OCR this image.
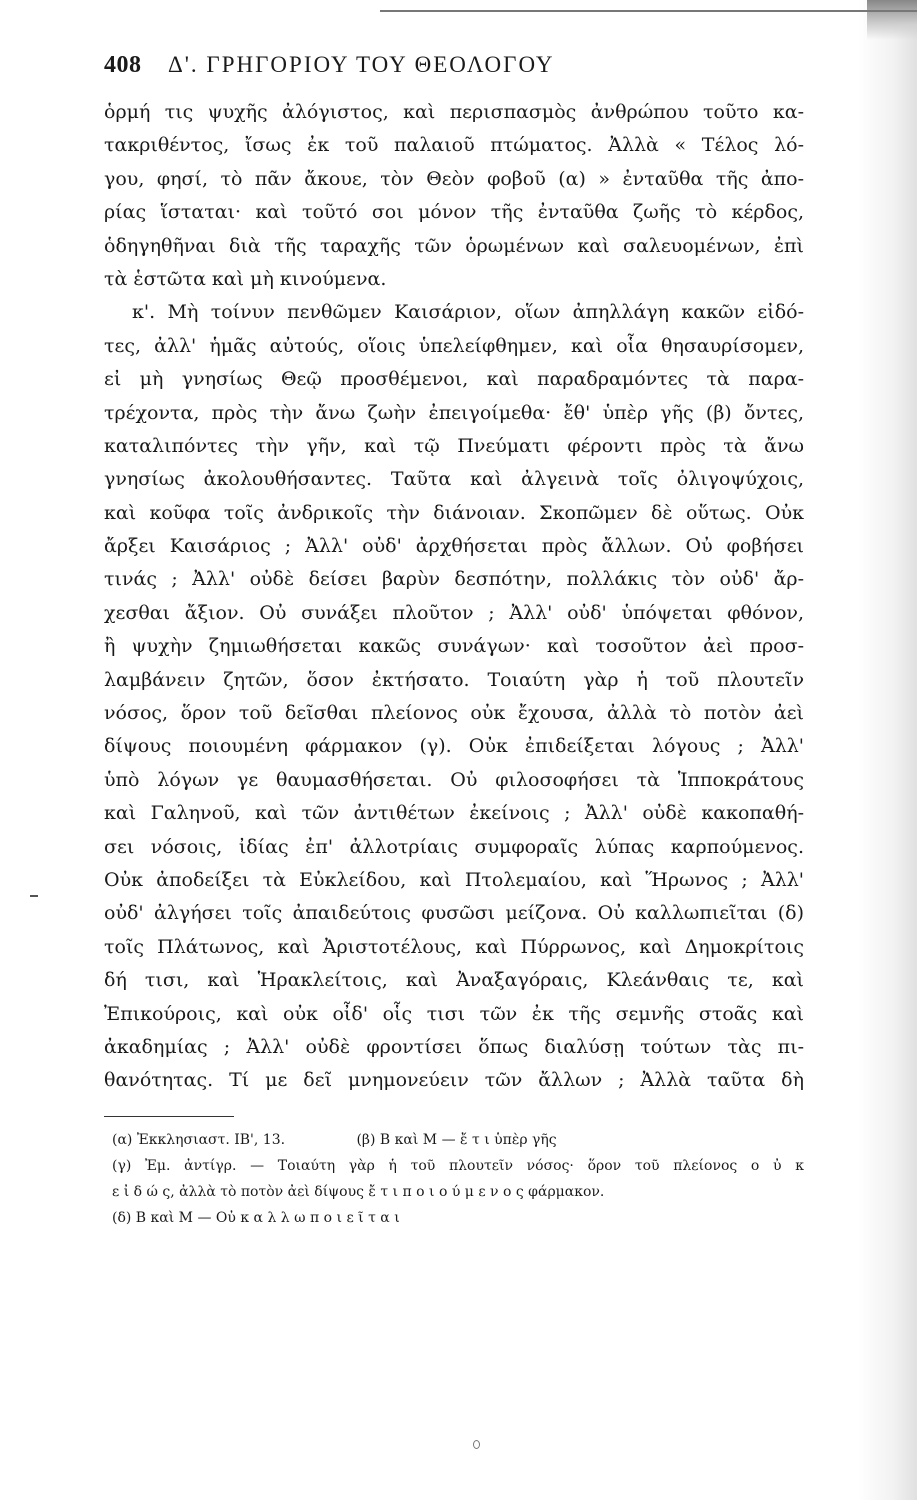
408	Δ'. ΓΡΗΓΟΡΙΟΥ ΤΟΥ ΘΕΟΛΟΓΟΥ
ὁρμή τις ψυχῆς ἀλόγιστος, καὶ περισπασμὸς ἀνθρώπου τοῦτο κα-
τακριθέντος, ἴσως ἐκ τοῦ παλαιοῦ πτώματος. Ἀλλὰ « Τέλος λό-
γου, φησί, τὸ πᾶν ἄκουε, τὸν Θεὸν φοβοῦ (α) » ἐνταῦθα τῆς ἀπο-
ρίας ἵσταται· καὶ τοῦτό σοι μόνον τῆς ἐνταῦθα ζωῆς τὸ κέρδος,
ὁδηγηθῆναι διὰ τῆς ταραχῆς τῶν ὁρωμένων καὶ σαλευομένων, ἐπὶ
τὰ ἑστῶτα καὶ μὴ κινούμενα.
κ'. Μὴ τοίνυν πενθῶμεν Καισάριον, οἵων ἀπηλλάγη κακῶν εἰδό-
τες, ἀλλ' ἡμᾶς αὐτούς, οἵοις ὑπελείφθημεν, καὶ οἷα θησαυρίσομεν,
εἰ μὴ γνησίως Θεῷ προσθέμενοι, καὶ παραδραμόντες τὰ παρα-
τρέχοντα, πρὸς τὴν ἄνω ζωὴν ἐπειγοίμεθα· ἔθ' ὑπὲρ γῆς (β) ὄντες,
καταλιπόντες τὴν γῆν, καὶ τῷ Πνεύματι φέροντι πρὸς τὰ ἄνω
γνησίως ἀκολουθήσαντες. Ταῦτα καὶ ἀλγεινὰ τοῖς ὀλιγοψύχοις,
καὶ κοῦφα τοῖς ἀνδρικοῖς τὴν διάνοιαν. Σκοπῶμεν δὲ οὕτως. Οὐκ
ἄρξει Καισάριος ; Ἀλλ' οὐδ' ἀρχθήσεται πρὸς ἄλλων. Οὐ φοβήσει
τινάς ; Ἀλλ' οὐδὲ δείσει βαρὺν δεσπότην, πολλάκις τὸν οὐδ' ἄρ-
χεσθαι ἄξιον. Οὐ συνάξει πλοῦτον ; Ἀλλ' οὐδ' ὑπόψεται φθόνον,
ἢ ψυχὴν ζημιωθήσεται κακῶς συνάγων· καὶ τοσοῦτον ἀεὶ προσ-
λαμβάνειν ζητῶν, ὅσον ἐκτήσατο. Τοιαύτη γὰρ ἡ τοῦ πλουτεῖν
νόσος, ὅρον τοῦ δεῖσθαι πλείονος οὐκ ἔχουσα, ἀλλὰ τὸ ποτὸν ἀεὶ
δίψους ποιουμένη φάρμακον (γ). Οὐκ ἐπιδείξεται λόγους ; Ἀλλ'
ὑπὸ λόγων γε θαυμασθήσεται. Οὐ φιλοσοφήσει τὰ Ἱπποκράτους
καὶ Γαληνοῦ, καὶ τῶν ἀντιθέτων ἐκείνοις ; Ἀλλ' οὐδὲ κακοπαθή-
σει νόσοις, ἰδίας ἐπ' ἀλλοτρίαις συμφοραῖς λύπας καρπούμενος.
Οὐκ ἀποδείξει τὰ Εὐκλείδου, καὶ Πτολεμαίου, καὶ Ἥρωνος ; Ἀλλ'
οὐδ' ἀλγήσει τοῖς ἀπαιδεύτοις φυσῶσι μείζονα. Οὐ καλλωπιεῖται (δ)
τοῖς Πλάτωνος, καὶ Ἀριστοτέλους, καὶ Πύρρωνος, καὶ Δημοκρίτοις
δή τισι, καὶ Ἡρακλείτοις, καὶ Ἀναξαγόραις, Κλεάνθαις τε, καὶ
Ἐπικούροις, καὶ οὐκ οἶδ' οἷς τισι τῶν ἐκ τῆς σεμνῆς στοᾶς καὶ
ἀκαδημίας ; Ἀλλ' οὐδὲ φροντίσει ὅπως διαλύσῃ τούτων τὰς πι-
θανότητας. Τί με δεῖ μνημονεύειν τῶν ἄλλων ; Ἀλλὰ ταῦτα δὴ
(α) Ἐκκλησιαστ. ΙΒ', 13.	(β) Β καὶ Μ — ἔ τ ι ὑπὲρ γῆς
(γ) Ἐμ. ἀντίγρ. — Τοιαύτη γὰρ ἡ τοῦ πλουτεῖν νόσος· ὅρον τοῦ πλείονος ο ὐ κ
ε ἰ δ ώ ς, ἀλλὰ τὸ ποτὸν ἀεὶ δίψους ἔ τ ι π ο ι ο ύ μ ε ν ο ς φάρμακον.
(δ) Β καὶ Μ — Οὐ κ α λ λ ω π ο ι ε ῖ τ α ι
